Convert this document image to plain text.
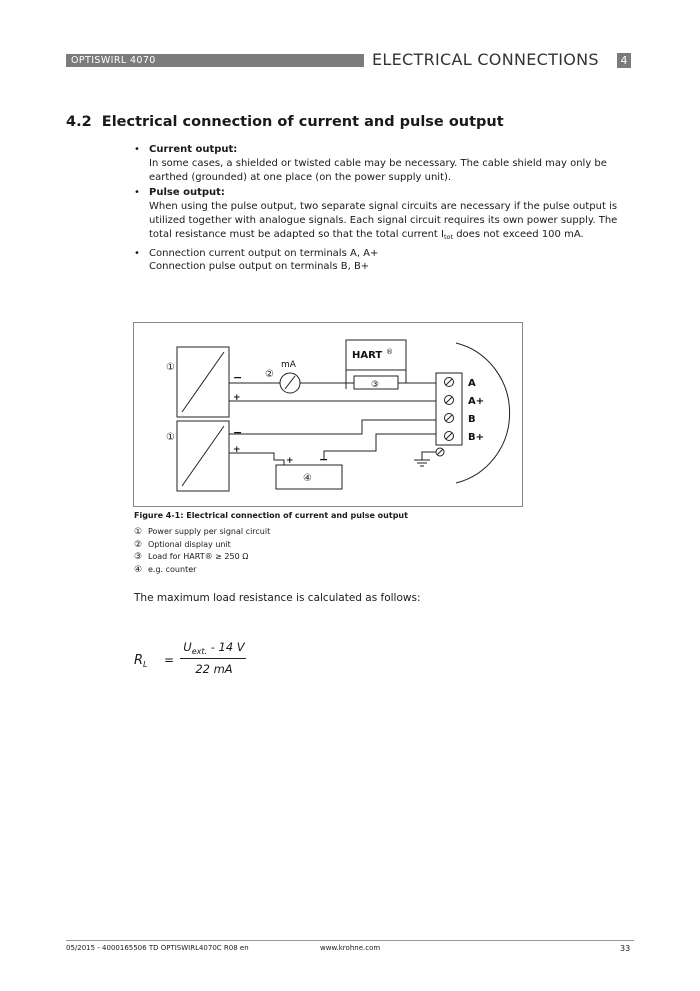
OPTISWIRL 4070	ELECTRICAL CONNECTIONS	4
4.2 Electrical connection of current and pulse output
• Current output:
In some cases, a shielded or twisted cable may be necessary. The cable shield may only be earthed (grounded) at one place (on the power supply unit).
• Pulse output:
When using the pulse output, two separate signal circuits are necessary if the pulse output is utilized together with analogue signals. Each signal circuit requires its own power supply. The total resistance must be adapted so that the total current $I_{tot}$ does not exceed 100 mA.
• Connection current output on terminals A, A+
Connection pulse output on terminals B, B+
①
①
②
③
④
mA
HART ®
−
+
−
+
+ −
A
A+
B
B+
Figure 4-1: Electrical connection of current and pulse output
① Power supply per signal circuit
② Optional display unit
③ Load for HART® ≥ 250 Ω
④ e.g. counter
The maximum load resistance is calculated as follows:
$R_L$ =
$U_{ext.} - 14$ V
22 mA
05/2015 - 4000165506 TD OPTISWIRL4070C R08 en	www.krohne.com	33
